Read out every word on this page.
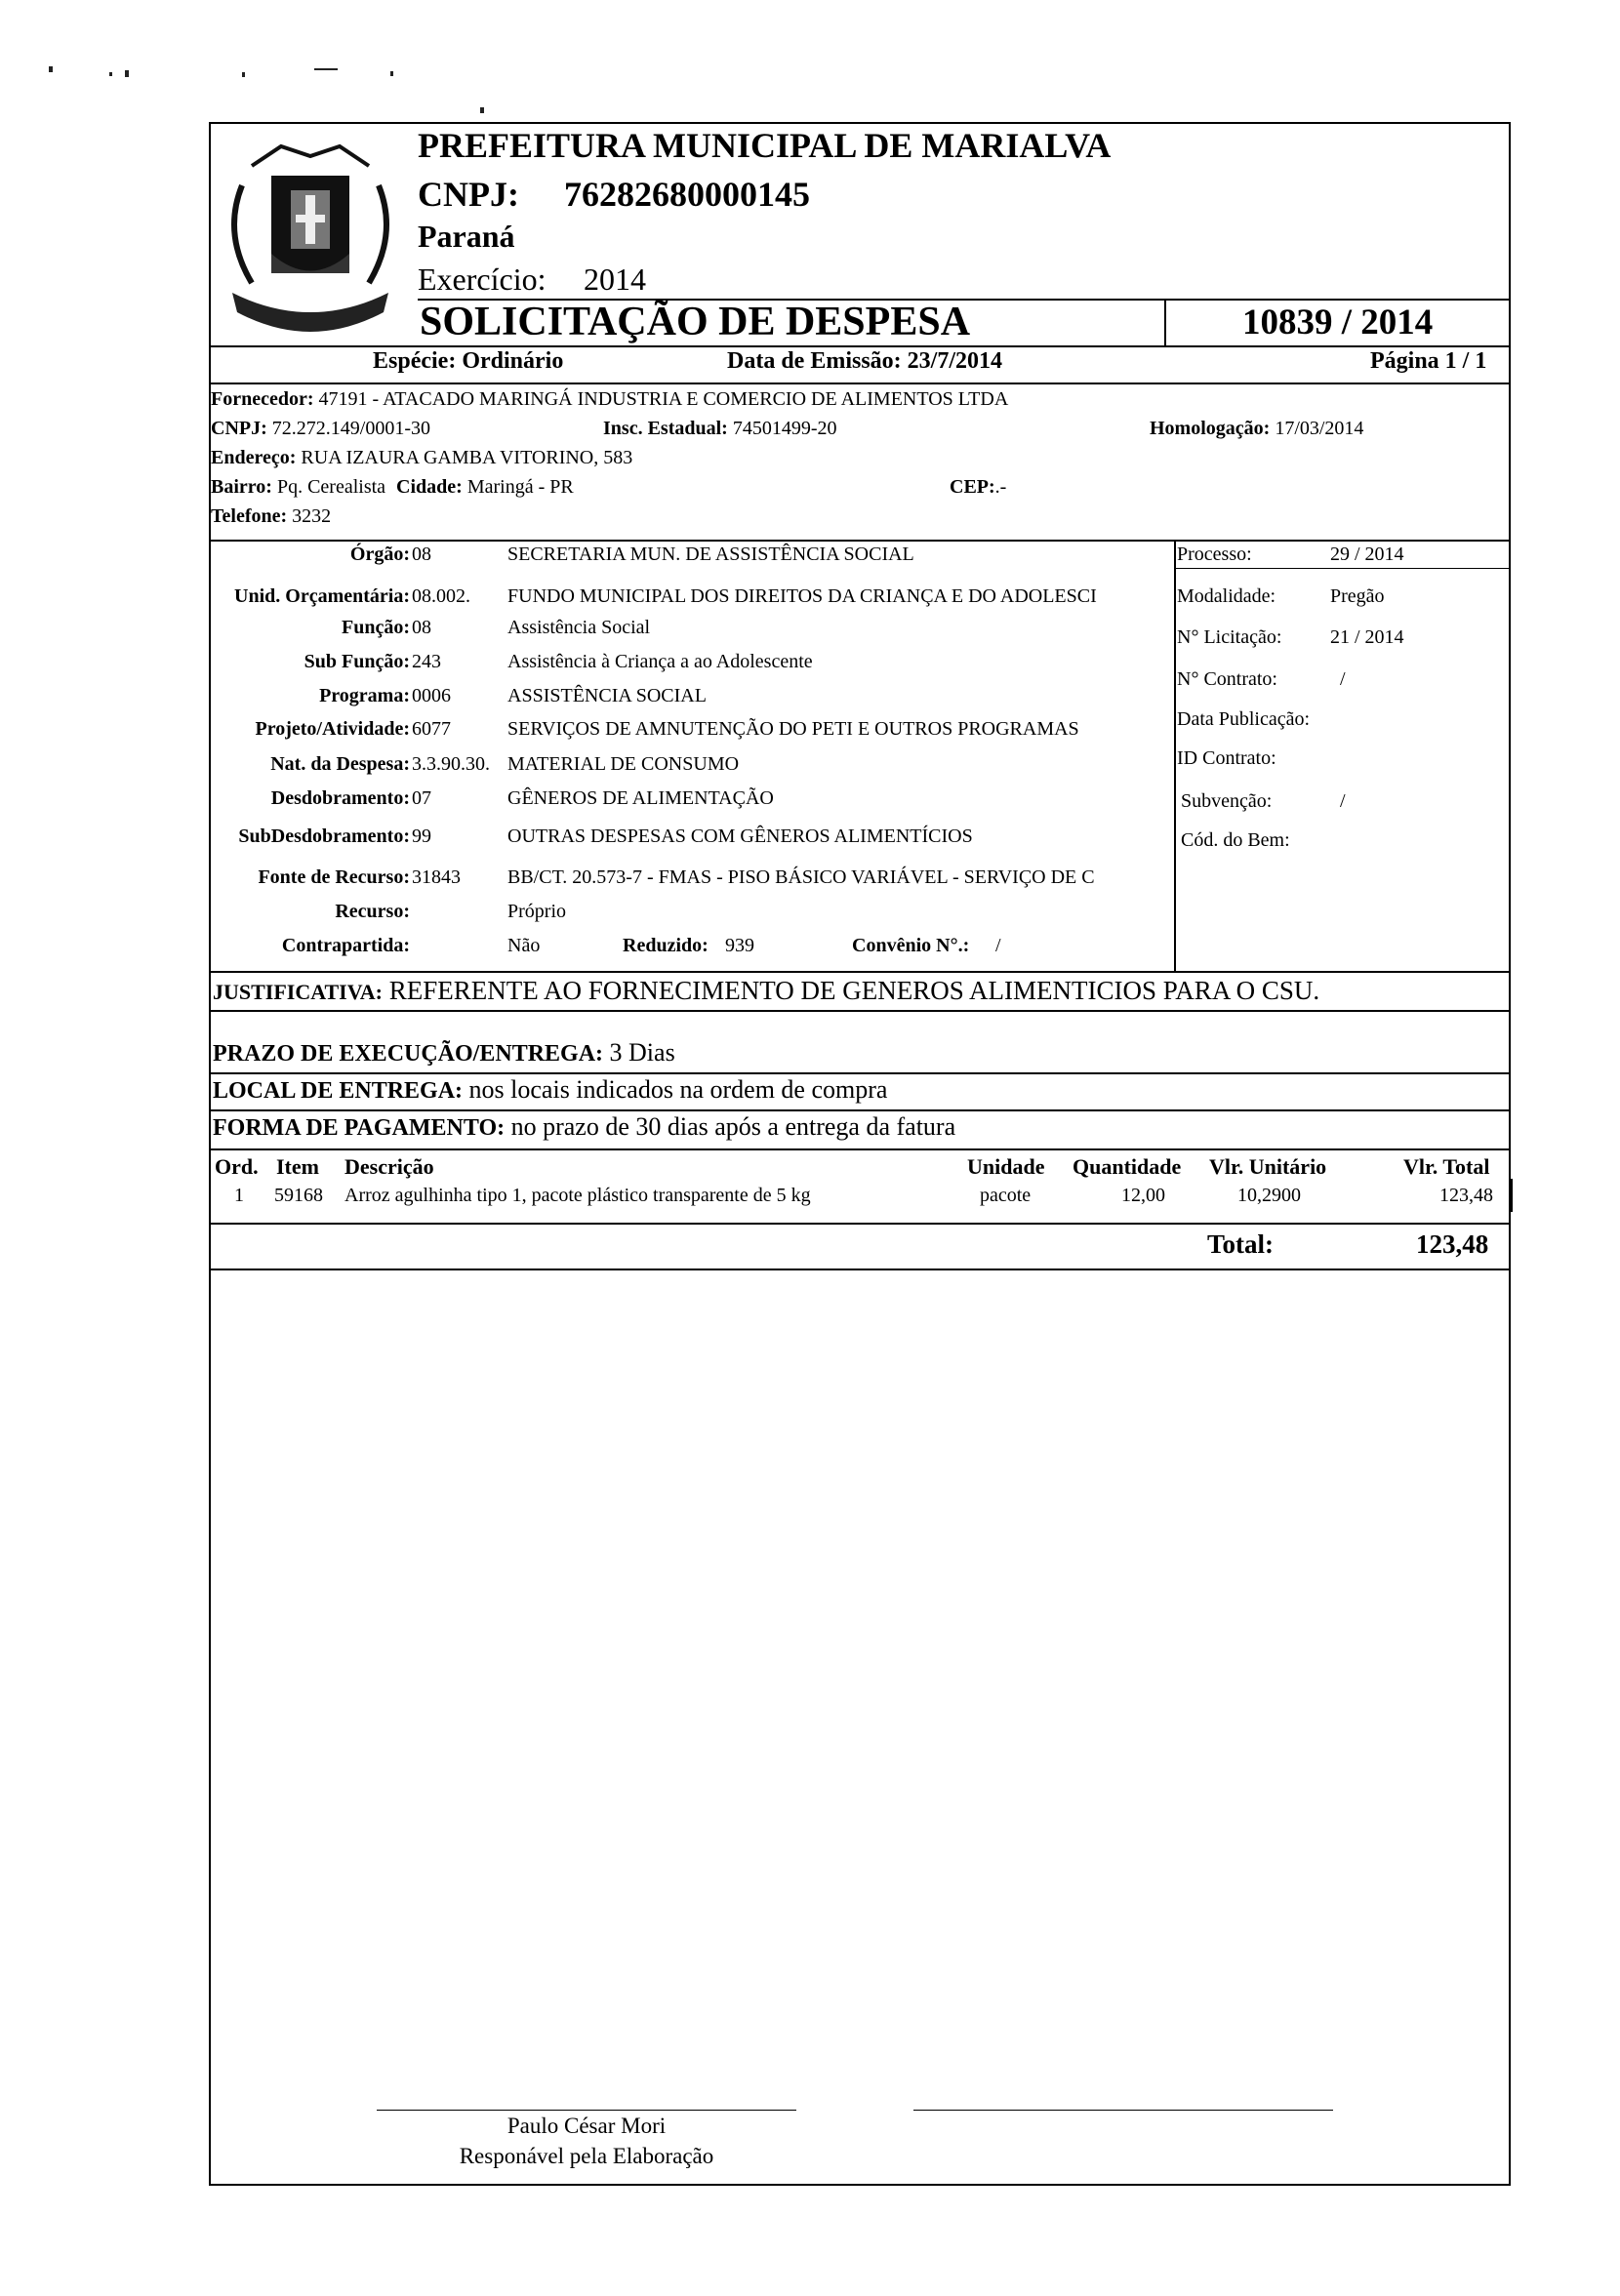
MARIALVA
PREFEITURA MUNICIPAL DE MARIALVA
CNPJ: 76282680000145
Paraná
Exercício: 2014
SOLICITAÇÃO DE DESPESA	10839 / 2014
Espécie: Ordinário	Data de Emissão: 23/7/2014	Página 1 / 1
Fornecedor: 47191 - ATACADO MARINGÁ INDUSTRIA E COMERCIO DE ALIMENTOS LTDA
CNPJ: 72.272.149/0001-30	Insc. Estadual: 74501499-20	Homologação: 17/03/2014
Endereço: RUA IZAURA GAMBA VITORINO, 583
Bairro: Pq. Cerealista Cidade: Maringá - PR	CEP:.-
Telefone: 3232
Órgão: 08	SECRETARIA MUN. DE ASSISTÊNCIA SOCIAL
Unid. Orçamentária: 08.002. FUNDO MUNICIPAL DOS DIREITOS DA CRIANÇA E DO ADOLESCI
Função: 08	Assistência Social
Sub Função: 243	Assistência à Criança a ao Adolescente
Programa: 0006	ASSISTÊNCIA SOCIAL
Projeto/Atividade: 6077	SERVIÇOS DE AMNUTENÇÃO DO PETI E OUTROS PROGRAMAS
Nat. da Despesa: 3.3.90.30. MATERIAL DE CONSUMO
Desdobramento: 07	GÊNEROS DE ALIMENTAÇÃO
SubDesdobramento: 99	OUTRAS DESPESAS COM GÊNEROS ALIMENTÍCIOS
Fonte de Recurso: 31843 BB/CT. 20.573-7 - FMAS - PISO BÁSICO VARIÁVEL - SERVIÇO DE C
Recurso:	Próprio
Contrapartida:	Não	Reduzido: 939	Convênio N°.: /
Processo:	29 / 2014
Modalidade:	Pregão
N° Licitação: 21 / 2014
N° Contrato:	/
Data Publicação:
ID Contrato:
Subvenção:	/
Cód. do Bem:
JUSTIFICATIVA: REFERENTE AO FORNECIMENTO DE GENEROS ALIMENTICIOS PARA O CSU.
PRAZO DE EXECUÇÃO/ENTREGA: 3 Dias
LOCAL DE ENTREGA: nos locais indicados na ordem de compra
FORMA DE PAGAMENTO: no prazo de 30 dias após a entrega da fatura
Ord. Item Descrição	Unidade Quantidade Vlr. Unitário	Vlr. Total
1 59168 Arroz agulhinha tipo 1, pacote plástico transparente de 5 kg	pacote	12,00	10,2900	123,48
Total:	123,48
Paulo César Mori
Responável pela Elaboração
